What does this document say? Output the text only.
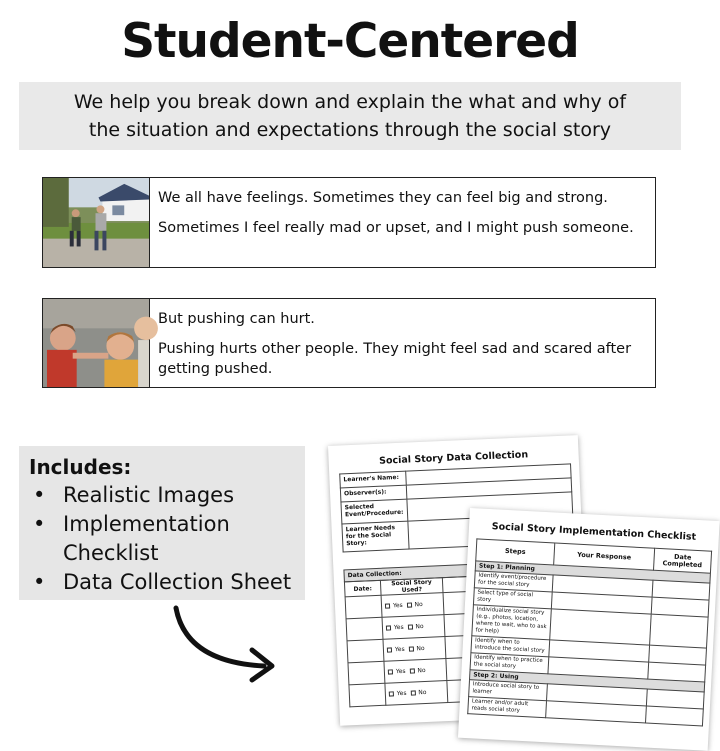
Student-Centered
We help you break down and explain the what and why of
the situation and expectations through the social story

We all have feelings. Sometimes they can feel big and strong.

Sometimes I feel really mad or upset, and I might push someone.

But pushing can hurt.

Pushing hurts other people. They might feel sad and scared after getting pushed.

Includes:
• Realistic Images
• Implementation Checklist
• Data Collection Sheet
Social Story Data Collection
Learner's Name:	
Observer(s):	
Selected Event/Procedure:	
Learner Needs for the Social Story:	
Data Collection:
Date:	Social Story Used?	
	Yes No	
	Yes No	
	Yes No	
	Yes No	
	Yes No	
Social Story Implementation Checklist
Steps	Your Response	Date Completed
Step 1: Planning		
Identify event/procedure for the social story		
Select type of social story		
Individualize social story (e.g., photos, location, where to wait, who to ask for help)		
Identify when to introduce the social story		
Identify when to practice the social story		
Step 2: Using		
Introduce social story to learner		
Learner and/or adult reads social story		
